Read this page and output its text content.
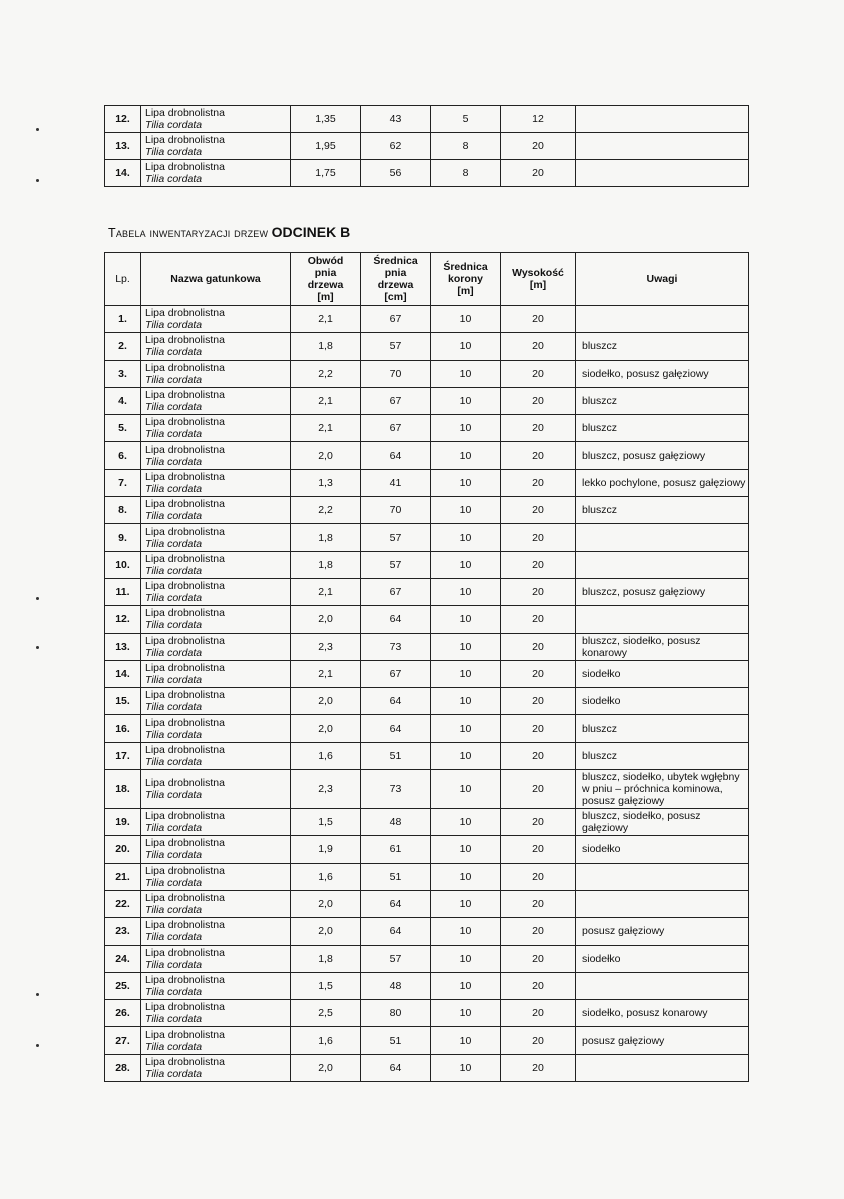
12.	Lipa drobnolistna
Tilia cordata	1,35	43	5	12	
13.	Lipa drobnolistna
Tilia cordata	1,95	62	8	20	
14.	Lipa drobnolistna
Tilia cordata	1,75	56	8	20	
Tabela inwentaryzacji drzew ODCINEK B
Lp.	Nazwa gatunkowa	Obwód
pnia
drzewa
[m]	Średnica
pnia
drzewa
[cm]	Średnica
korony
[m]	Wysokość
[m]	Uwagi
1.	Lipa drobnolistna
Tilia cordata	2,1	67	10	20	
2.	Lipa drobnolistna
Tilia cordata	1,8	57	10	20	bluszcz
3.	Lipa drobnolistna
Tilia cordata	2,2	70	10	20	siodełko, posusz gałęziowy
4.	Lipa drobnolistna
Tilia cordata	2,1	67	10	20	bluszcz
5.	Lipa drobnolistna
Tilia cordata	2,1	67	10	20	bluszcz
6.	Lipa drobnolistna
Tilia cordata	2,0	64	10	20	bluszcz, posusz gałęziowy
7.	Lipa drobnolistna
Tilia cordata	1,3	41	10	20	lekko pochylone, posusz gałęziowy
8.	Lipa drobnolistna
Tilia cordata	2,2	70	10	20	bluszcz
9.	Lipa drobnolistna
Tilia cordata	1,8	57	10	20	
10.	Lipa drobnolistna
Tilia cordata	1,8	57	10	20	
11.	Lipa drobnolistna
Tilia cordata	2,1	67	10	20	bluszcz, posusz gałęziowy
12.	Lipa drobnolistna
Tilia cordata	2,0	64	10	20	
13.	Lipa drobnolistna
Tilia cordata	2,3	73	10	20	bluszcz, siodełko, posusz konarowy
14.	Lipa drobnolistna
Tilia cordata	2,1	67	10	20	siodełko
15.	Lipa drobnolistna
Tilia cordata	2,0	64	10	20	siodełko
16.	Lipa drobnolistna
Tilia cordata	2,0	64	10	20	bluszcz
17.	Lipa drobnolistna
Tilia cordata	1,6	51	10	20	bluszcz
18.	Lipa drobnolistna
Tilia cordata	2,3	73	10	20	bluszcz, siodełko, ubytek wgłębny w pniu – próchnica kominowa, posusz gałęziowy
19.	Lipa drobnolistna
Tilia cordata	1,5	48	10	20	bluszcz, siodełko, posusz gałęziowy
20.	Lipa drobnolistna
Tilia cordata	1,9	61	10	20	siodełko
21.	Lipa drobnolistna
Tilia cordata	1,6	51	10	20	
22.	Lipa drobnolistna
Tilia cordata	2,0	64	10	20	
23.	Lipa drobnolistna
Tilia cordata	2,0	64	10	20	posusz gałęziowy
24.	Lipa drobnolistna
Tilia cordata	1,8	57	10	20	siodełko
25.	Lipa drobnolistna
Tilia cordata	1,5	48	10	20	
26.	Lipa drobnolistna
Tilia cordata	2,5	80	10	20	siodełko, posusz konarowy
27.	Lipa drobnolistna
Tilia cordata	1,6	51	10	20	posusz gałęziowy
28.	Lipa drobnolistna
Tilia cordata	2,0	64	10	20	
